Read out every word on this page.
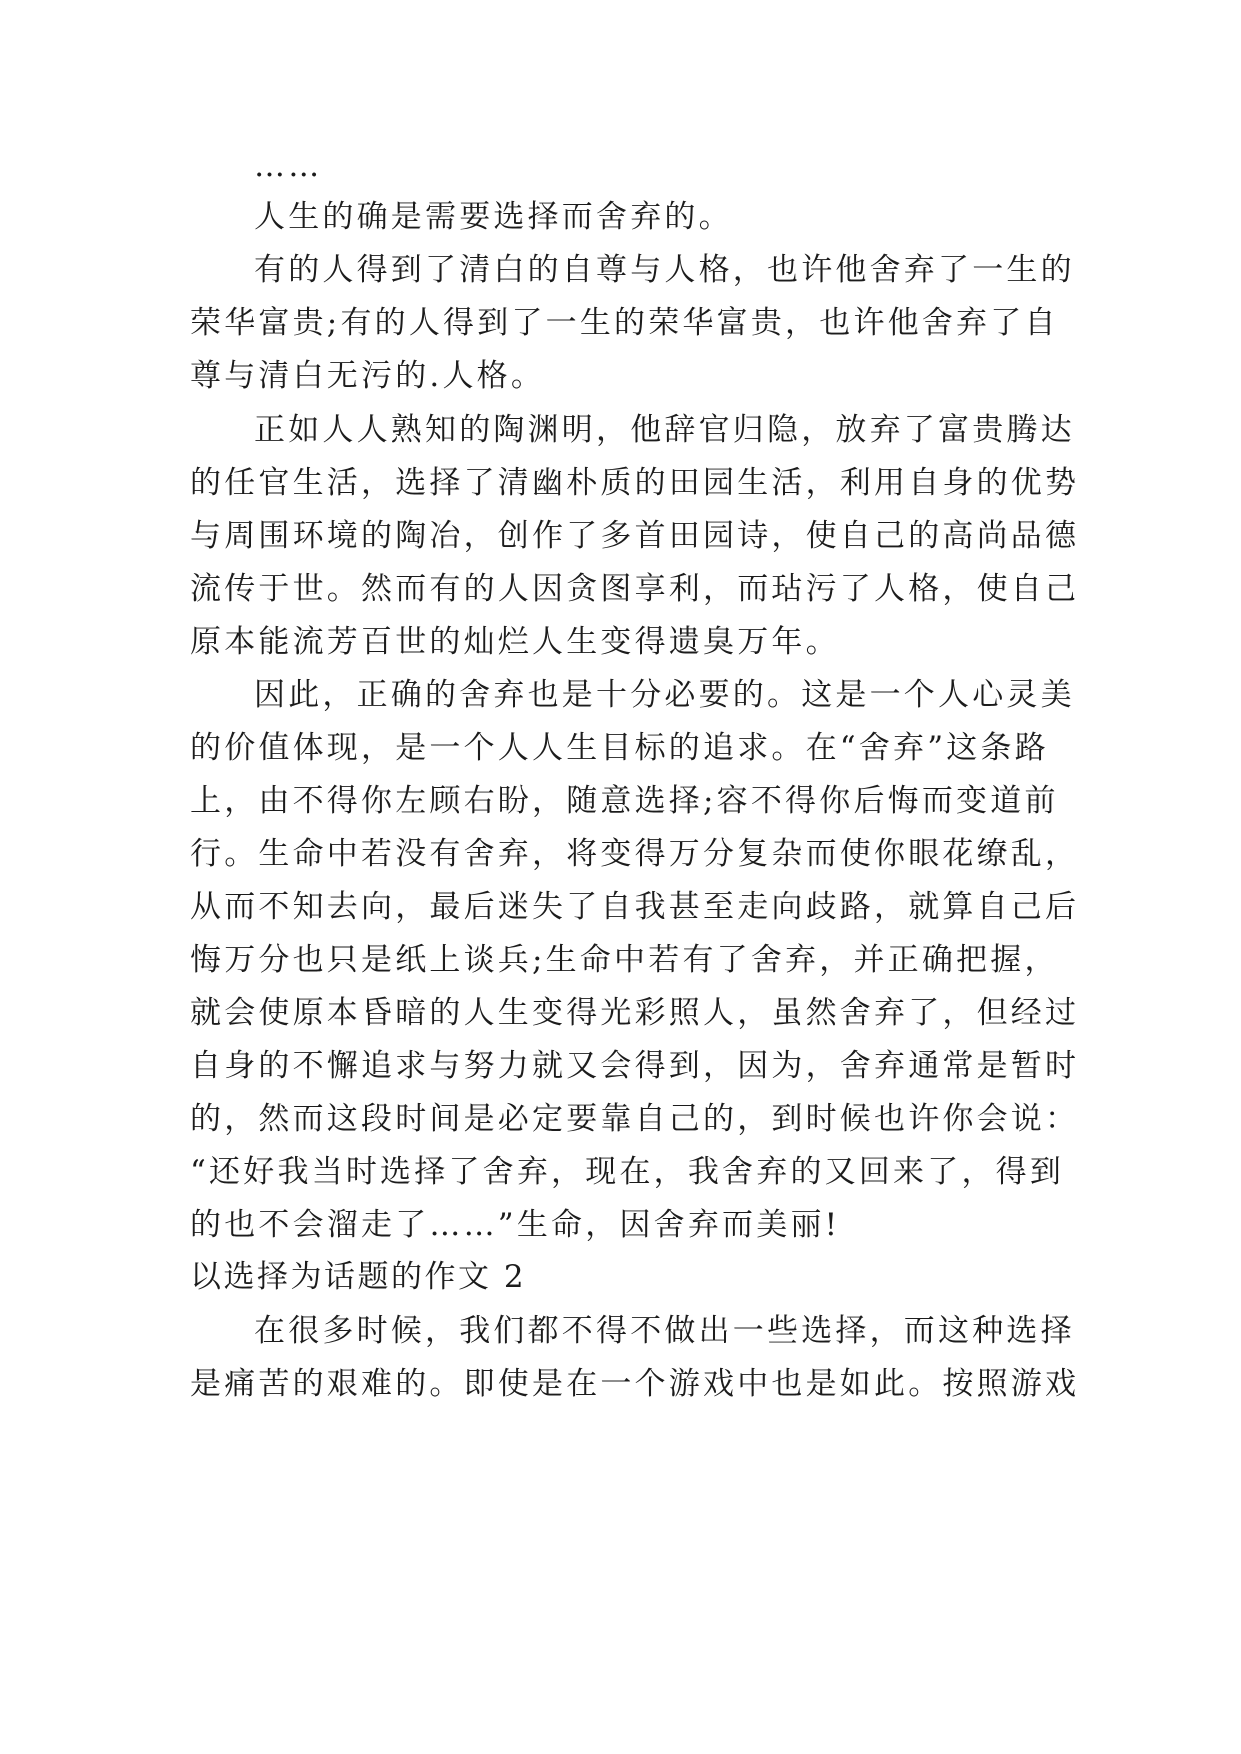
……
人生的确是需要选择而舍弃的。
有的人得到了清白的自尊与人格，也许他舍弃了一生的
荣华富贵;有的人得到了一生的荣华富贵，也许他舍弃了自
尊与清白无污的.人格。
正如人人熟知的陶渊明，他辞官归隐，放弃了富贵腾达
的任官生活，选择了清幽朴质的田园生活，利用自身的优势
与周围环境的陶冶，创作了多首田园诗，使自己的高尚品德
流传于世。然而有的人因贪图享利，而玷污了人格，使自己
原本能流芳百世的灿烂人生变得遗臭万年。
因此，正确的舍弃也是十分必要的。这是一个人心灵美
的价值体现，是一个人人生目标的追求。在“舍弃”这条路
上，由不得你左顾右盼，随意选择;容不得你后悔而变道前
行。生命中若没有舍弃，将变得万分复杂而使你眼花缭乱，
从而不知去向，最后迷失了自我甚至走向歧路，就算自己后
悔万分也只是纸上谈兵;生命中若有了舍弃，并正确把握，
就会使原本昏暗的人生变得光彩照人，虽然舍弃了，但经过
自身的不懈追求与努力就又会得到，因为，舍弃通常是暂时
的，然而这段时间是必定要靠自己的，到时候也许你会说：
“还好我当时选择了舍弃，现在，我舍弃的又回来了，得到
的也不会溜走了……”生命，因舍弃而美丽!
以选择为话题的作文 2
在很多时候，我们都不得不做出一些选择，而这种选择
是痛苦的艰难的。即使是在一个游戏中也是如此。按照游戏
